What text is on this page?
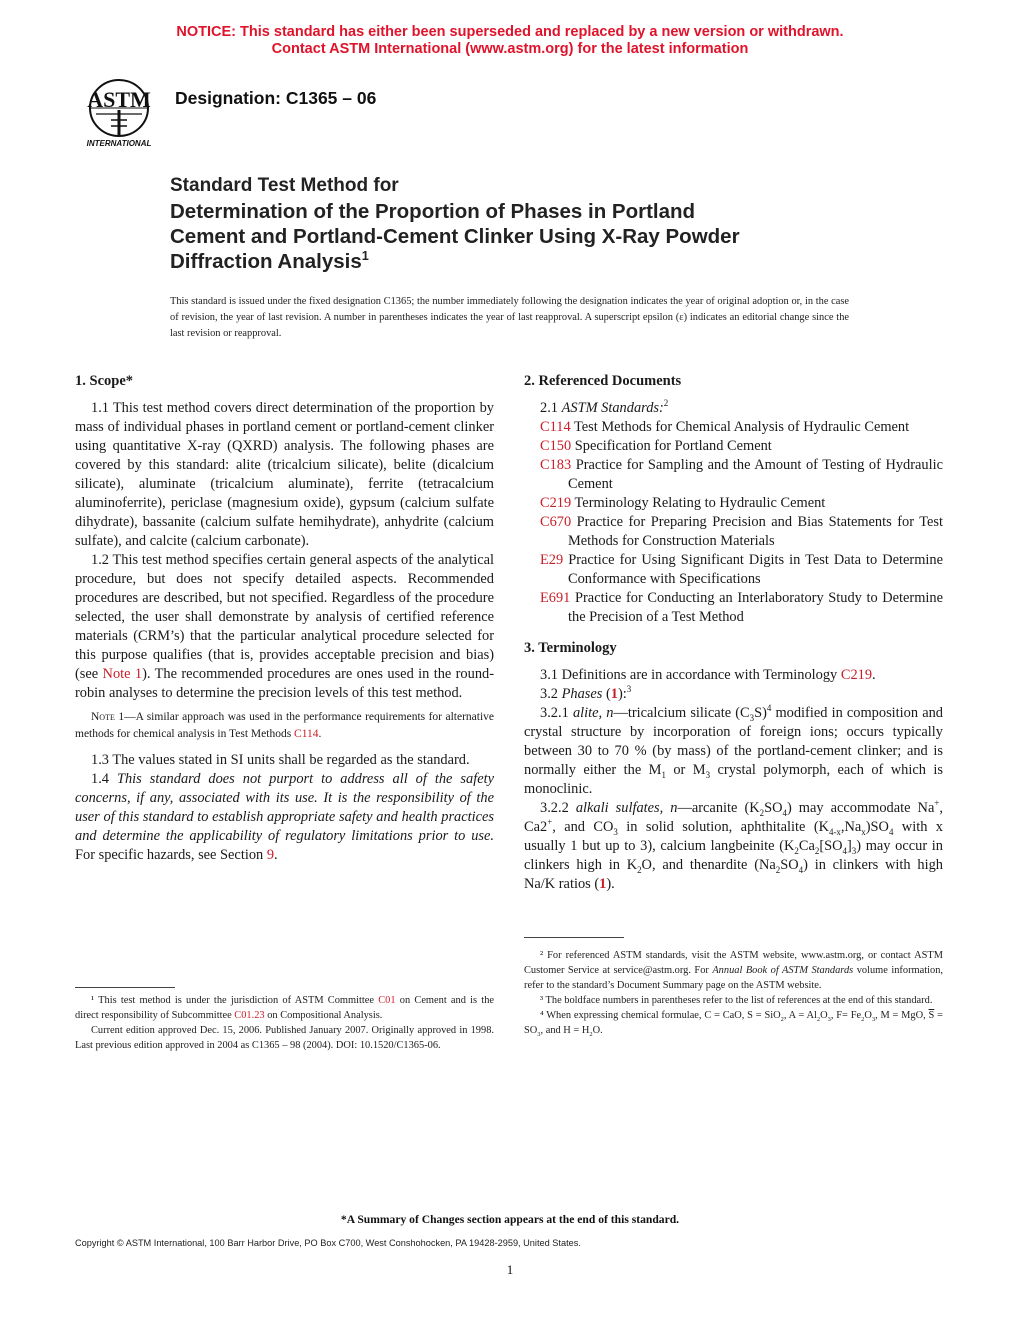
NOTICE: This standard has either been superseded and replaced by a new version or withdrawn.
Contact ASTM International (www.astm.org) for the latest information
ASTM
INTERNATIONAL
Designation: C1365 – 06
Standard Test Method for
Determination of the Proportion of Phases in Portland
Cement and Portland-Cement Clinker Using X-Ray Powder
Diffraction Analysis$^1$
This standard is issued under the fixed designation C1365; the number immediately following the designation indicates the year of original adoption or, in the case of revision, the year of last revision. A number in parentheses indicates the year of last reapproval. A superscript epsilon (ε) indicates an editorial change since the last revision or reapproval.
1. Scope*

1.1 This test method covers direct determination of the proportion by mass of individual phases in portland cement or portland-cement clinker using quantitative X-ray (QXRD) analysis. The following phases are covered by this standard: alite (tricalcium silicate), belite (dicalcium silicate), aluminate (tricalcium aluminate), ferrite (tetracalcium aluminoferrite), periclase (magnesium oxide), gypsum (calcium sulfate dihydrate), bassanite (calcium sulfate hemihydrate), anhydrite (calcium sulfate), and calcite (calcium carbonate).

1.2 This test method specifies certain general aspects of the analytical procedure, but does not specify detailed aspects. Recommended procedures are described, but not specified. Regardless of the procedure selected, the user shall demonstrate by analysis of certified reference materials (CRM’s) that the particular analytical procedure selected for this purpose qualifies (that is, provides acceptable precision and bias) (see Note 1). The recommended procedures are ones used in the round-robin analyses to determine the precision levels of this test method.

Note 1—A similar approach was used in the performance requirements for alternative methods for chemical analysis in Test Methods C114.

1.3 The values stated in SI units shall be regarded as the standard.

1.4 This standard does not purport to address all of the safety concerns, if any, associated with its use. It is the responsibility of the user of this standard to establish appropriate safety and health practices and determine the applicability of regulatory limitations prior to use. For specific hazards, see Section 9.

¹ This test method is under the jurisdiction of ASTM Committee C01 on Cement and is the direct responsibility of Subcommittee C01.23 on Compositional Analysis.

Current edition approved Dec. 15, 2006. Published January 2007. Originally approved in 1998. Last previous edition approved in 2004 as C1365 – 98 (2004). DOI: 10.1520/C1365-06.

2. Referenced Documents

2.1 ASTM Standards:$^2$

C114 Test Methods for Chemical Analysis of Hydraulic Cement

C150 Specification for Portland Cement

C183 Practice for Sampling and the Amount of Testing of Hydraulic Cement

C219 Terminology Relating to Hydraulic Cement

C670 Practice for Preparing Precision and Bias Statements for Test Methods for Construction Materials

E29 Practice for Using Significant Digits in Test Data to Determine Conformance with Specifications

E691 Practice for Conducting an Interlaboratory Study to Determine the Precision of a Test Method

3. Terminology

3.1 Definitions are in accordance with Terminology C219.

3.2 Phases (1):$^3$

3.2.1 alite, n—tricalcium silicate $(C_3S)^4$ modified in composition and crystal structure by incorporation of foreign ions; occurs typically between 30 to 70 % (by mass) of the portland-cement clinker; and is normally either the $M_1$ or $M_3$ crystal polymorph, each of which is monoclinic.

3.2.2 alkali sulfates, n—arcanite $(K_2SO_4)$ may accommodate Na+, Ca2+, and $CO_3$ in solid solution, aphthitalite $(K_{4-x},Na_x)SO_4$ with x usually 1 but up to 3), calcium langbeinite $(K_2Ca_2[SO_4]_3)$ may occur in clinkers high in $K_2O$, and thenardite $(Na_2SO_4)$ in clinkers with high Na/K ratios (1).

² For referenced ASTM standards, visit the ASTM website, www.astm.org, or contact ASTM Customer Service at service@astm.org. For Annual Book of ASTM Standards volume information, refer to the standard’s Document Summary page on the ASTM website.

³ The boldface numbers in parentheses refer to the list of references at the end of this standard.

⁴ When expressing chemical formulae, C = CaO, S = SiO$_2$, $A = Al_2O_3$, $F= Fe_2O_3$, M = MgO, $\overline{S} = SO_3$, and $H = H_2O$.

*A Summary of Changes section appears at the end of this standard.
Copyright © ASTM International, 100 Barr Harbor Drive, PO Box C700, West Conshohocken, PA 19428-2959, United States.
1
